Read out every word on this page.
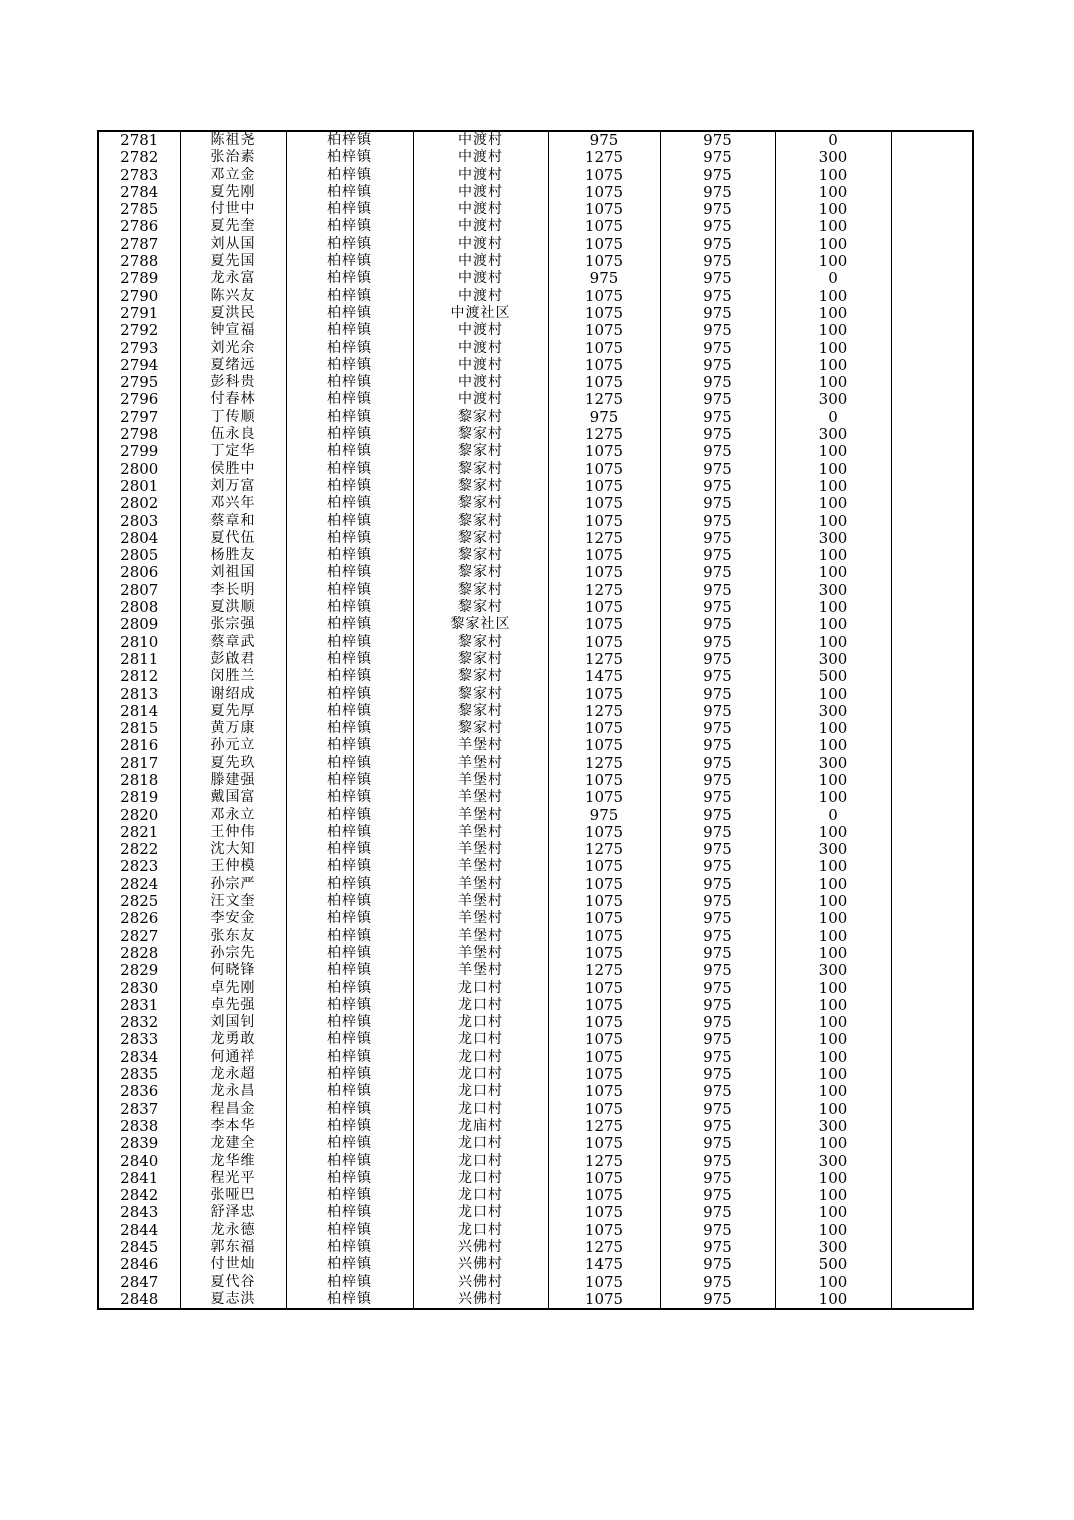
2781	陈祖尧	柏梓镇	中渡村	975	975	0	
2782	张治素	柏梓镇	中渡村	1275	975	300	
2783	邓立金	柏梓镇	中渡村	1075	975	100	
2784	夏先刚	柏梓镇	中渡村	1075	975	100	
2785	付世中	柏梓镇	中渡村	1075	975	100	
2786	夏先奎	柏梓镇	中渡村	1075	975	100	
2787	刘从国	柏梓镇	中渡村	1075	975	100	
2788	夏先国	柏梓镇	中渡村	1075	975	100	
2789	龙永富	柏梓镇	中渡村	975	975	0	
2790	陈兴友	柏梓镇	中渡村	1075	975	100	
2791	夏洪民	柏梓镇	中渡社区	1075	975	100	
2792	钟宣福	柏梓镇	中渡村	1075	975	100	
2793	刘光余	柏梓镇	中渡村	1075	975	100	
2794	夏绪远	柏梓镇	中渡村	1075	975	100	
2795	彭科贵	柏梓镇	中渡村	1075	975	100	
2796	付春林	柏梓镇	中渡村	1275	975	300	
2797	丁传顺	柏梓镇	黎家村	975	975	0	
2798	伍永良	柏梓镇	黎家村	1275	975	300	
2799	丁定华	柏梓镇	黎家村	1075	975	100	
2800	侯胜中	柏梓镇	黎家村	1075	975	100	
2801	刘万富	柏梓镇	黎家村	1075	975	100	
2802	邓兴年	柏梓镇	黎家村	1075	975	100	
2803	蔡章和	柏梓镇	黎家村	1075	975	100	
2804	夏代伍	柏梓镇	黎家村	1275	975	300	
2805	杨胜友	柏梓镇	黎家村	1075	975	100	
2806	刘祖国	柏梓镇	黎家村	1075	975	100	
2807	李长明	柏梓镇	黎家村	1275	975	300	
2808	夏洪顺	柏梓镇	黎家村	1075	975	100	
2809	张宗强	柏梓镇	黎家社区	1075	975	100	
2810	蔡章武	柏梓镇	黎家村	1075	975	100	
2811	彭啟君	柏梓镇	黎家村	1275	975	300	
2812	闵胜兰	柏梓镇	黎家村	1475	975	500	
2813	谢绍成	柏梓镇	黎家村	1075	975	100	
2814	夏先厚	柏梓镇	黎家村	1275	975	300	
2815	黄万康	柏梓镇	黎家村	1075	975	100	
2816	孙元立	柏梓镇	羊堡村	1075	975	100	
2817	夏先玖	柏梓镇	羊堡村	1275	975	300	
2818	滕建强	柏梓镇	羊堡村	1075	975	100	
2819	戴国富	柏梓镇	羊堡村	1075	975	100	
2820	邓永立	柏梓镇	羊堡村	975	975	0	
2821	王仲伟	柏梓镇	羊堡村	1075	975	100	
2822	沈大知	柏梓镇	羊堡村	1275	975	300	
2823	王仲模	柏梓镇	羊堡村	1075	975	100	
2824	孙宗严	柏梓镇	羊堡村	1075	975	100	
2825	汪文奎	柏梓镇	羊堡村	1075	975	100	
2826	李安金	柏梓镇	羊堡村	1075	975	100	
2827	张东友	柏梓镇	羊堡村	1075	975	100	
2828	孙宗先	柏梓镇	羊堡村	1075	975	100	
2829	何晓锋	柏梓镇	羊堡村	1275	975	300	
2830	卓先刚	柏梓镇	龙口村	1075	975	100	
2831	卓先强	柏梓镇	龙口村	1075	975	100	
2832	刘国钊	柏梓镇	龙口村	1075	975	100	
2833	龙勇敢	柏梓镇	龙口村	1075	975	100	
2834	何通祥	柏梓镇	龙口村	1075	975	100	
2835	龙永超	柏梓镇	龙口村	1075	975	100	
2836	龙永昌	柏梓镇	龙口村	1075	975	100	
2837	程昌金	柏梓镇	龙口村	1075	975	100	
2838	李本华	柏梓镇	龙庙村	1275	975	300	
2839	龙建全	柏梓镇	龙口村	1075	975	100	
2840	龙华维	柏梓镇	龙口村	1275	975	300	
2841	程光平	柏梓镇	龙口村	1075	975	100	
2842	张哑巴	柏梓镇	龙口村	1075	975	100	
2843	舒泽忠	柏梓镇	龙口村	1075	975	100	
2844	龙永德	柏梓镇	龙口村	1075	975	100	
2845	郭东福	柏梓镇	兴佛村	1275	975	300	
2846	付世灿	柏梓镇	兴佛村	1475	975	500	
2847	夏代谷	柏梓镇	兴佛村	1075	975	100	
2848	夏志洪	柏梓镇	兴佛村	1075	975	100	
